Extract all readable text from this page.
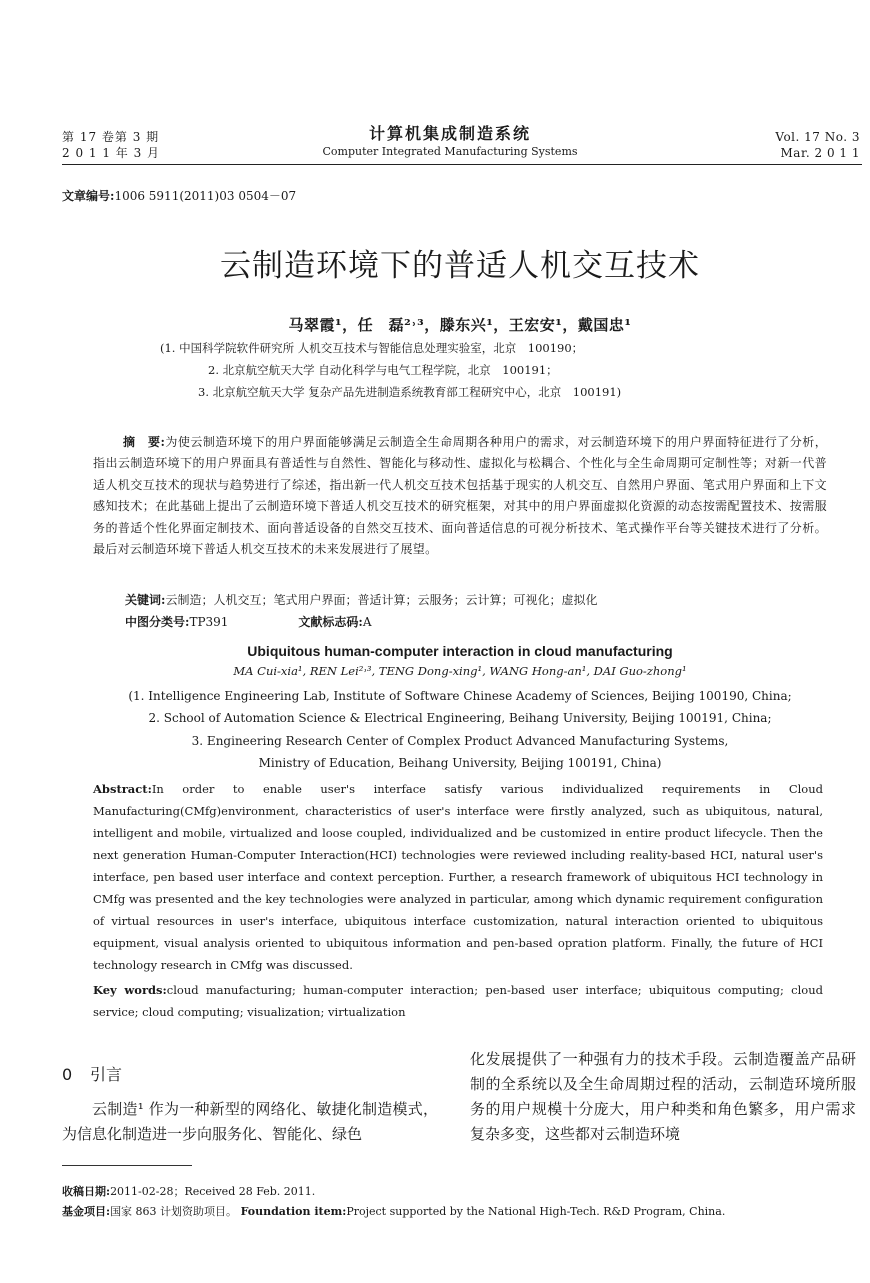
第 17 卷第 3 期
2 0 1 1 年 3 月
计算机集成制造系统
Computer Integrated Manufacturing Systems
Vol. 17 No. 3
Mar. 2 0 1 1
文章编号:1006 5911(2011)03 0504－07
云制造环境下的普适人机交互技术
马翠霞¹，任　磊²˒³，滕东兴¹，王宏安¹，戴国忠¹
(1. 中国科学院软件研究所 人机交互技术与智能信息处理实验室，北京　100190；
2. 北京航空航天大学 自动化科学与电气工程学院，北京　100191；
3. 北京航空航天大学 复杂产品先进制造系统教育部工程研究中心，北京　100191)
摘　要:为使云制造环境下的用户界面能够满足云制造全生命周期各种用户的需求，对云制造环境下的用户界面特征进行了分析，指出云制造环境下的用户界面具有普适性与自然性、智能化与移动性、虚拟化与松耦合、个性化与全生命周期可定制性等；对新一代普适人机交互技术的现状与趋势进行了综述，指出新一代人机交互技术包括基于现实的人机交互、自然用户界面、笔式用户界面和上下文感知技术；在此基础上提出了云制造环境下普适人机交互技术的研究框架，对其中的用户界面虚拟化资源的动态按需配置技术、按需服务的普适个性化界面定制技术、面向普适设备的自然交互技术、面向普适信息的可视分析技术、笔式操作平台等关键技术进行了分析。最后对云制造环境下普适人机交互技术的未来发展进行了展望。
关键词:云制造；人机交互；笔式用户界面；普适计算；云服务；云计算；可视化；虚拟化
中图分类号:TP391	文献标志码:A
Ubiquitous human-computer interaction in cloud manufacturing
MA Cui-xia¹, REN Lei²˒³, TENG Dong-xing¹, WANG Hong-an¹, DAI Guo-zhong¹
(1. Intelligence Engineering Lab, Institute of Software Chinese Academy of Sciences, Beijing 100190, China;
2. School of Automation Science & Electrical Engineering, Beihang University, Beijing 100191, China;
3. Engineering Research Center of Complex Product Advanced Manufacturing Systems,
Ministry of Education, Beihang University, Beijing 100191, China)
Abstract:In order to enable user's interface satisfy various individualized requirements in Cloud Manufacturing(CMfg)environment, characteristics of user's interface were firstly analyzed, such as ubiquitous, natural, intelligent and mobile, virtualized and loose coupled, individualized and be customized in entire product lifecycle. Then the next generation Human-Computer Interaction(HCI) technologies were reviewed including reality-based HCI, natural user's interface, pen based user interface and context perception. Further, a research framework of ubiquitous HCI technology in CMfg was presented and the key technologies were analyzed in particular, among which dynamic requirement configuration of virtual resources in user's interface, ubiquitous interface customization, natural interaction oriented to ubiquitous equipment, visual analysis oriented to ubiquitous information and pen-based opration platform. Finally, the future of HCI technology research in CMfg was discussed.
Key words:cloud manufacturing; human-computer interaction; pen-based user interface; ubiquitous computing; cloud service; cloud computing; visualization; virtualization
0 引言
云制造¹ 作为一种新型的网络化、敏捷化制造模式，为信息化制造进一步向服务化、智能化、绿色
化发展提供了一种强有力的技术手段。云制造覆盖产品研制的全系统以及全生命周期过程的活动，云制造环境所服务的用户规模十分庞大，用户种类和角色繁多，用户需求复杂多变，这些都对云制造环境
收稿日期:2011-02-28；Received 28 Feb. 2011.
基金项目:国家 863 计划资助项目。 Foundation item:Project supported by the National High-Tech. R&D Program, China.
